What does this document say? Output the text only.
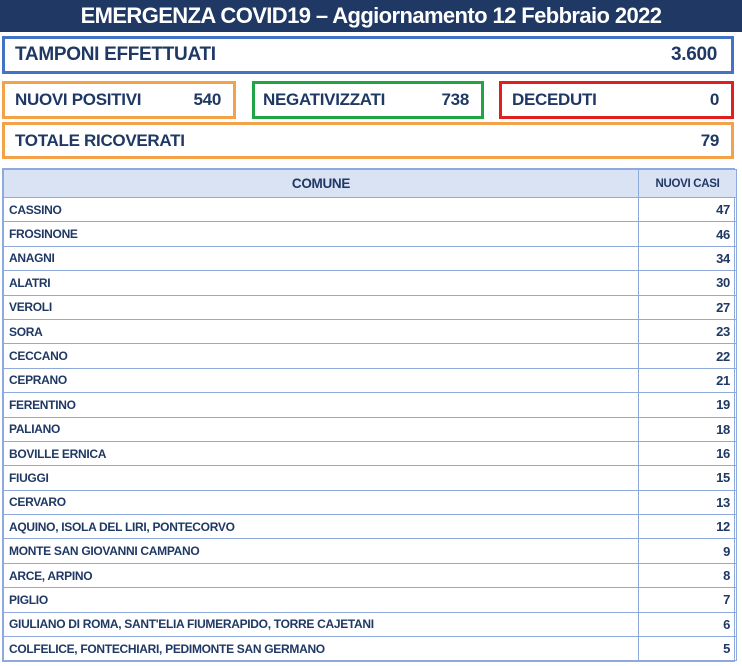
EMERGENZA COVID19 – Aggiornamento 12 Febbraio 2022
TAMPONI EFFETTUATI	3.600
NUOVI POSITIVI	540 NEGATIVIZZATI	738	DECEDUTI	0
TOTALE RICOVERATI	79
COMUNE	NUOVI CASI
CASSINO	47
FROSINONE	46
ANAGNI	34
ALATRI	30
VEROLI	27
SORA	23
CECCANO	22
CEPRANO	21
FERENTINO	19
PALIANO	18
BOVILLE ERNICA	16
FIUGGI	15
CERVARO	13
AQUINO, ISOLA DEL LIRI, PONTECORVO	12
MONTE SAN GIOVANNI CAMPANO	9
ARCE, ARPINO	8
PIGLIO	7
GIULIANO DI ROMA, SANT'ELIA FIUMERAPIDO, TORRE CAJETANI	6
COLFELICE, FONTECHIARI, PEDIMONTE SAN GERMANO	5
